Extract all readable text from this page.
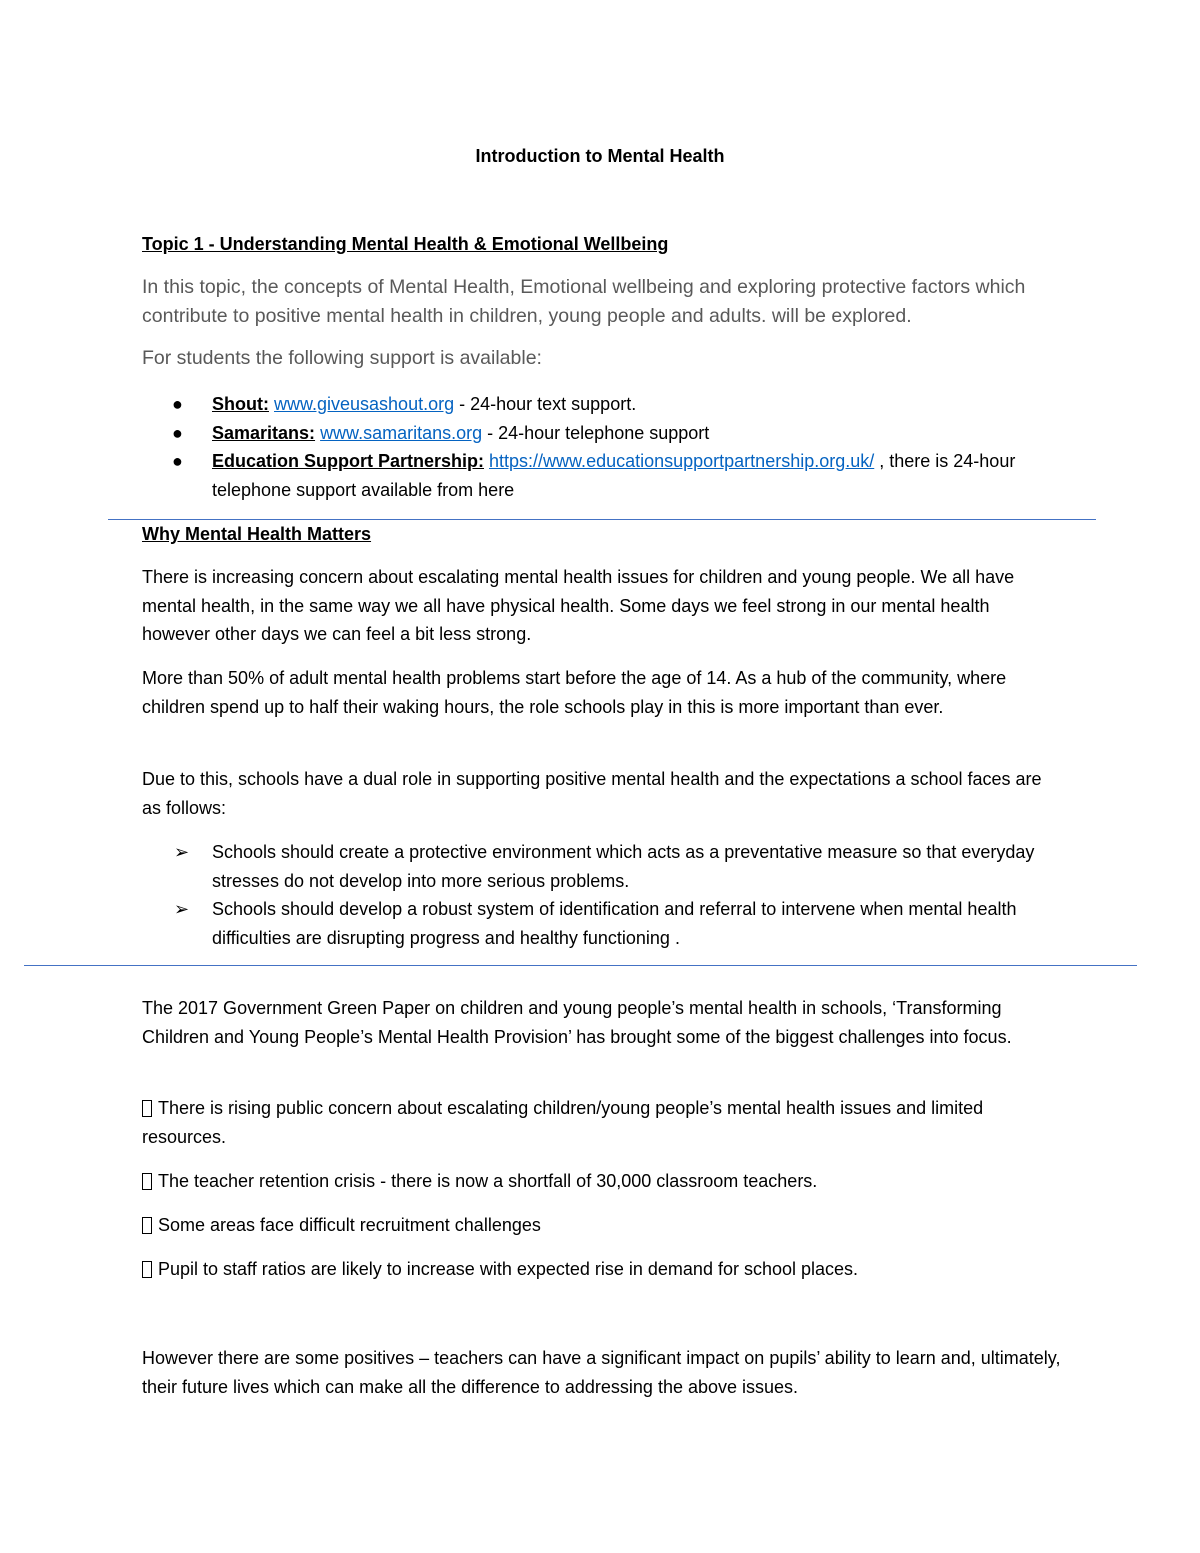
Introduction to Mental Health
Topic 1 - Understanding Mental Health & Emotional Wellbeing
In this topic, the concepts of Mental Health, Emotional wellbeing and exploring protective factors which contribute to positive mental health in children, young people and adults. will be explored.
For students the following support is available:
● Shout: www.giveusashout.org - 24-hour text support.
● Samaritans: www.samaritans.org - 24-hour telephone support
● Education Support Partnership: https://www.educationsupportpartnership.org.uk/ , there is 24-hour telephone support available from here
Why Mental Health Matters

There is increasing concern about escalating mental health issues for children and young people. We all have mental health, in the same way we all have physical health. Some days we feel strong in our mental health however other days we can feel a bit less strong.

More than 50% of adult mental health problems start before the age of 14. As a hub of the community, where children spend up to half their waking hours, the role schools play in this is more important than ever.

Due to this, schools have a dual role in supporting positive mental health and the expectations a school faces are as follows:

➢ Schools should create a protective environment which acts as a preventative measure so that everyday stresses do not develop into more serious problems.
➢ Schools should develop a robust system of identification and referral to intervene when mental health difficulties are disrupting progress and healthy functioning .

The 2017 Government Green Paper on children and young people’s mental health in schools, ‘Transforming Children and Young People’s Mental Health Provision’ has brought some of the biggest challenges into focus.

There is rising public concern about escalating children/young people’s mental health issues and limited resources.

The teacher retention crisis - there is now a shortfall of 30,000 classroom teachers.

Some areas face difficult recruitment challenges

Pupil to staff ratios are likely to increase with expected rise in demand for school places.

However there are some positives – teachers can have a significant impact on pupils’ ability to learn and, ultimately, their future lives which can make all the difference to addressing the above issues.
